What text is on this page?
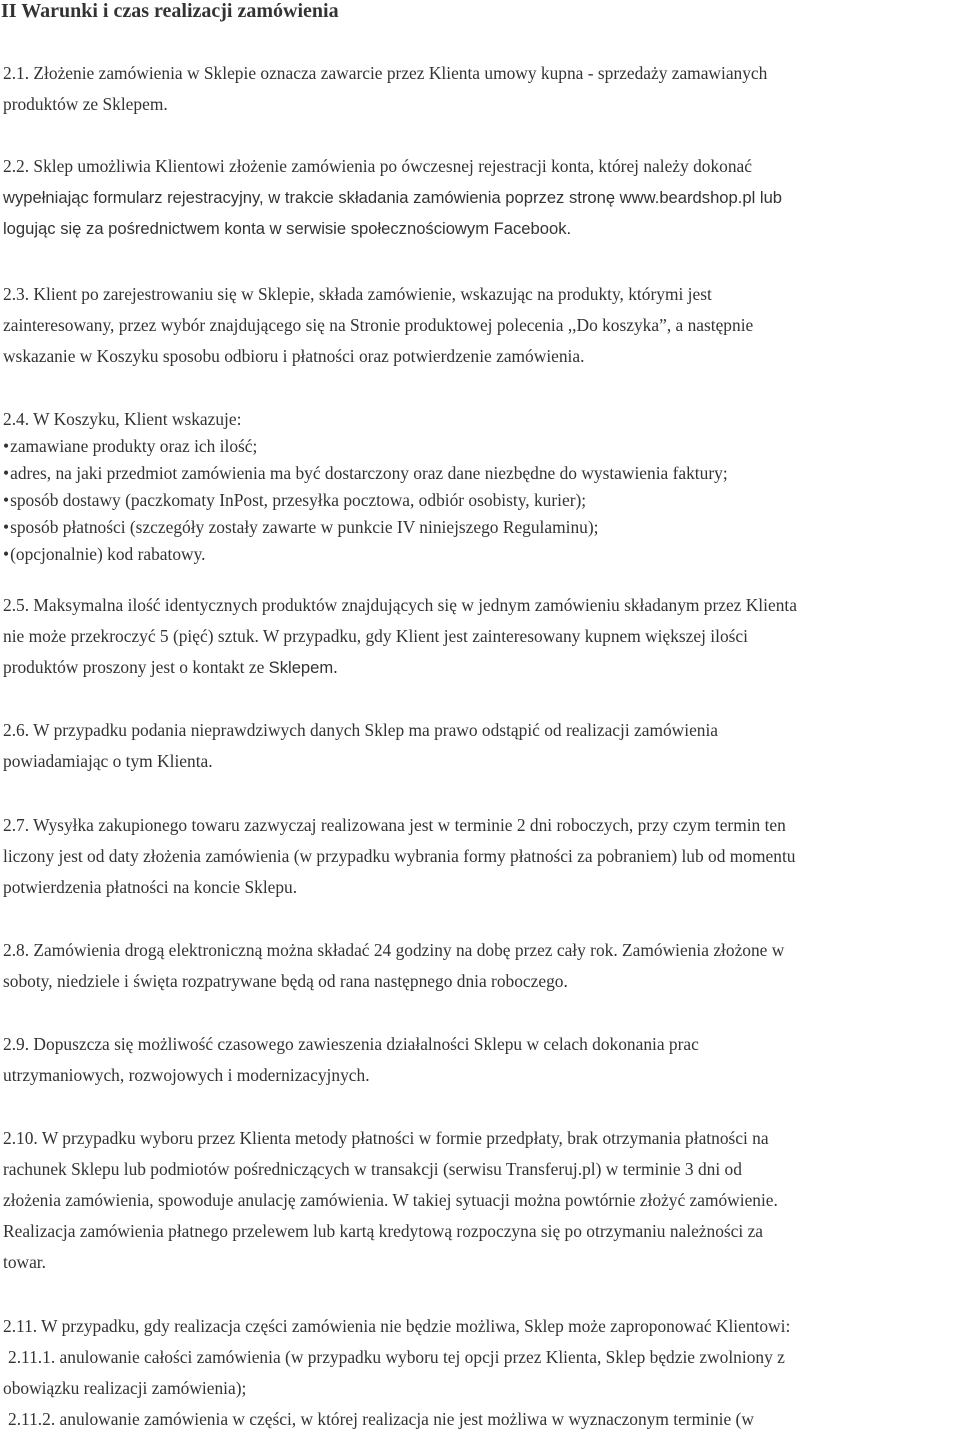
II Warunki i czas realizacji zamówienia
2.1. Złożenie zamówienia w Sklepie oznacza zawarcie przez Klienta umowy kupna - sprzedaży zamawianych
produktów ze Sklepem.
2.2. Sklep umożliwia Klientowi złożenie zamówienia po ówczesnej rejestracji konta, której należy dokonać
wypełniając formularz rejestracyjny, w trakcie składania zamówienia poprzez stronę www.beardshop.pl lub
logując się za pośrednictwem konta w serwisie społecznościowym Facebook.
2.3. Klient po zarejestrowaniu się w Sklepie, składa zamówienie, wskazując na produkty, którymi jest
zainteresowany, przez wybór znajdującego się na Stronie produktowej polecenia ,,Do koszyka”, a następnie
wskazanie w Koszyku sposobu odbioru i płatności oraz potwierdzenie zamówienia.
2.4. W Koszyku, Klient wskazuje:
•zamawiane produkty oraz ich ilość;
•adres, na jaki przedmiot zamówienia ma być dostarczony oraz dane niezbędne do wystawienia faktury;
•sposób dostawy (paczkomaty InPost, przesyłka pocztowa, odbiór osobisty, kurier);
•sposób płatności (szczegóły zostały zawarte w punkcie IV niniejszego Regulaminu);
•(opcjonalnie) kod rabatowy.
2.5. Maksymalna ilość identycznych produktów znajdujących się w jednym zamówieniu składanym przez Klienta
nie może przekroczyć 5 (pięć) sztuk. W przypadku, gdy Klient jest zainteresowany kupnem większej ilości
produktów proszony jest o kontakt ze Sklepem.
2.6. W przypadku podania nieprawdziwych danych Sklep ma prawo odstąpić od realizacji zamówienia
powiadamiając o tym Klienta.
2.7. Wysyłka zakupionego towaru zazwyczaj realizowana jest w terminie 2 dni roboczych, przy czym termin ten
liczony jest od daty złożenia zamówienia (w przypadku wybrania formy płatności za pobraniem) lub od momentu
potwierdzenia płatności na koncie Sklepu.
2.8. Zamówienia drogą elektroniczną można składać 24 godziny na dobę przez cały rok. Zamówienia złożone w
soboty, niedziele i święta rozpatrywane będą od rana następnego dnia roboczego.
2.9. Dopuszcza się możliwość czasowego zawieszenia działalności Sklepu w celach dokonania prac
utrzymaniowych, rozwojowych i modernizacyjnych.
2.10. W przypadku wyboru przez Klienta metody płatności w formie przedpłaty, brak otrzymania płatności na
rachunek Sklepu lub podmiotów pośredniczących w transakcji (serwisu Transferuj.pl) w terminie 3 dni od
złożenia zamówienia, spowoduje anulację zamówienia. W takiej sytuacji można powtórnie złożyć zamówienie.
Realizacja zamówienia płatnego przelewem lub kartą kredytową rozpoczyna się po otrzymaniu należności za
towar.
2.11. W przypadku, gdy realizacja części zamówienia nie będzie możliwa, Sklep może zaproponować Klientowi:
2.11.1. anulowanie całości zamówienia (w przypadku wyboru tej opcji przez Klienta, Sklep będzie zwolniony z
obowiązku realizacji zamówienia);
2.11.2. anulowanie zamówienia w części, w której realizacja nie jest możliwa w wyznaczonym terminie (w
